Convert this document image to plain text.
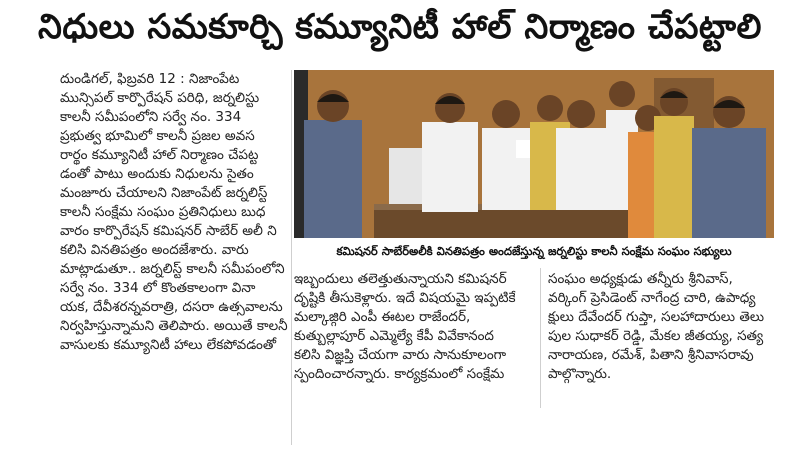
నిధులు సమకూర్చి కమ్యూనిటీ హాల్ నిర్మాణం చేపట్టాలి

దుండిగల్, ఫిబ్రవరి 12 : నిజాంపేట

మున్సిపల్ కార్పొరేషన్ పరిధి, జర్నలిస్టు

కాలనీ సమీపంలోని సర్వే నం. 334

ప్రభుత్వ భూమిలో కాలనీ ప్రజల అవస

రార్థం కమ్యూనిటీ హాల్ నిర్మాణం చేపట్ట

డంతో పాటు అందుకు నిధులను సైతం

మంజూరు చేయాలని నిజాంపేట్ జర్నలిస్ట్

కాలనీ సంక్షేమ సంఘం ప్రతినిధులు బుధ

వారం కార్పొరేషన్ కమిషనర్ సాబేర్ అలీ ని

కలిసి వినతిపత్రం అందజేశారు. వారు

మాట్లాడుతూ.. జర్నలిస్ట్ కాలనీ సమీపంలోని

సర్వే నం. 334 లో కొంతకాలంగా వినా

యక, దేవీశరన్నవరాత్రి, దసరా ఉత్సవాలను

నిర్వహిస్తున్నామని తెలిపారు. అయితే కాలనీ

వాసులకు కమ్యూనిటీ హాలు లేకపోవడంతో

కమిషనర్ సాబేర్అలీకి వినతిపత్రం అందజేస్తున్న జర్నలిస్టు కాలనీ సంక్షేమ సంఘం సభ్యులు

ఇబ్బందులు తలెత్తుతున్నాయని కమిషనర్

దృష్టికి తీసుకెళ్లారు. ఇదే విషయమై ఇప్పటికే

మల్కాజ్గిరి ఎంపీ ఈటల రాజేందర్,

కుత్బుల్లాపూర్ ఎమ్మెల్యే కేపీ వివేకానంద

కలిసి విజ్ఞప్తి చేయగా వారు సానుకూలంగా

స్పందించారన్నారు. కార్యక్రమంలో సంక్షేమ

సంఘం అధ్యక్షుడు తన్నీరు శ్రీనివాస్,

వర్కింగ్ ప్రెసిడెంట్ నాగేంద్ర చారి, ఉపాధ్య

క్షులు దేవేందర్ గుప్తా, సలహాదారులు తెలు

పుల సుధాకర్ రెడ్డి, మేకల జీతయ్య, సత్య

నారాయణ, రమేశ్, పితాని శ్రీనివాసరావు

పాల్గొన్నారు.
